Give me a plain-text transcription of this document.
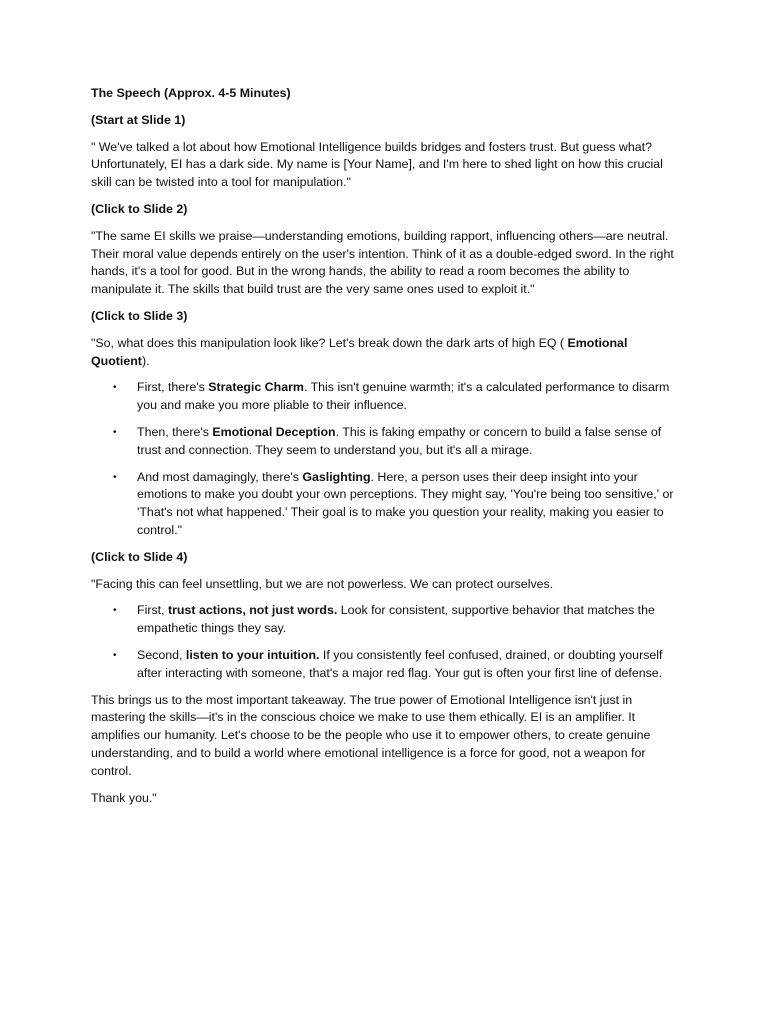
The Speech (Approx. 4-5 Minutes)

(Start at Slide 1)

" We've talked a lot about how Emotional Intelligence builds bridges and fosters trust. But guess what? Unfortunately, EI has a dark side. My name is [Your Name], and I'm here to shed light on how this crucial skill can be twisted into a tool for manipulation."

(Click to Slide 2)

"The same EI skills we praise—understanding emotions, building rapport, influencing others—are neutral. Their moral value depends entirely on the user's intention. Think of it as a double-edged sword. In the right hands, it's a tool for good. But in the wrong hands, the ability to read a room becomes the ability to manipulate it. The skills that build trust are the very same ones used to exploit it."

(Click to Slide 3)

"So, what does this manipulation look like? Let's break down the dark arts of high EQ ( Emotional Quotient).

• First, there's Strategic Charm. This isn't genuine warmth; it's a calculated performance to disarm you and make you more pliable to their influence.
• Then, there's Emotional Deception. This is faking empathy or concern to build a false sense of trust and connection. They seem to understand you, but it's all a mirage.
• And most damagingly, there's Gaslighting. Here, a person uses their deep insight into your emotions to make you doubt your own perceptions. They might say, 'You're being too sensitive,' or 'That's not what happened.' Their goal is to make you question your reality, making you easier to control."

(Click to Slide 4)

"Facing this can feel unsettling, but we are not powerless. We can protect ourselves.

• First, trust actions, not just words. Look for consistent, supportive behavior that matches the empathetic things they say.
• Second, listen to your intuition. If you consistently feel confused, drained, or doubting yourself after interacting with someone, that's a major red flag. Your gut is often your first line of defense.

This brings us to the most important takeaway. The true power of Emotional Intelligence isn't just in mastering the skills—it's in the conscious choice we make to use them ethically. EI is an amplifier. It amplifies our humanity. Let's choose to be the people who use it to empower others, to create genuine understanding, and to build a world where emotional intelligence is a force for good, not a weapon for control.

Thank you."
